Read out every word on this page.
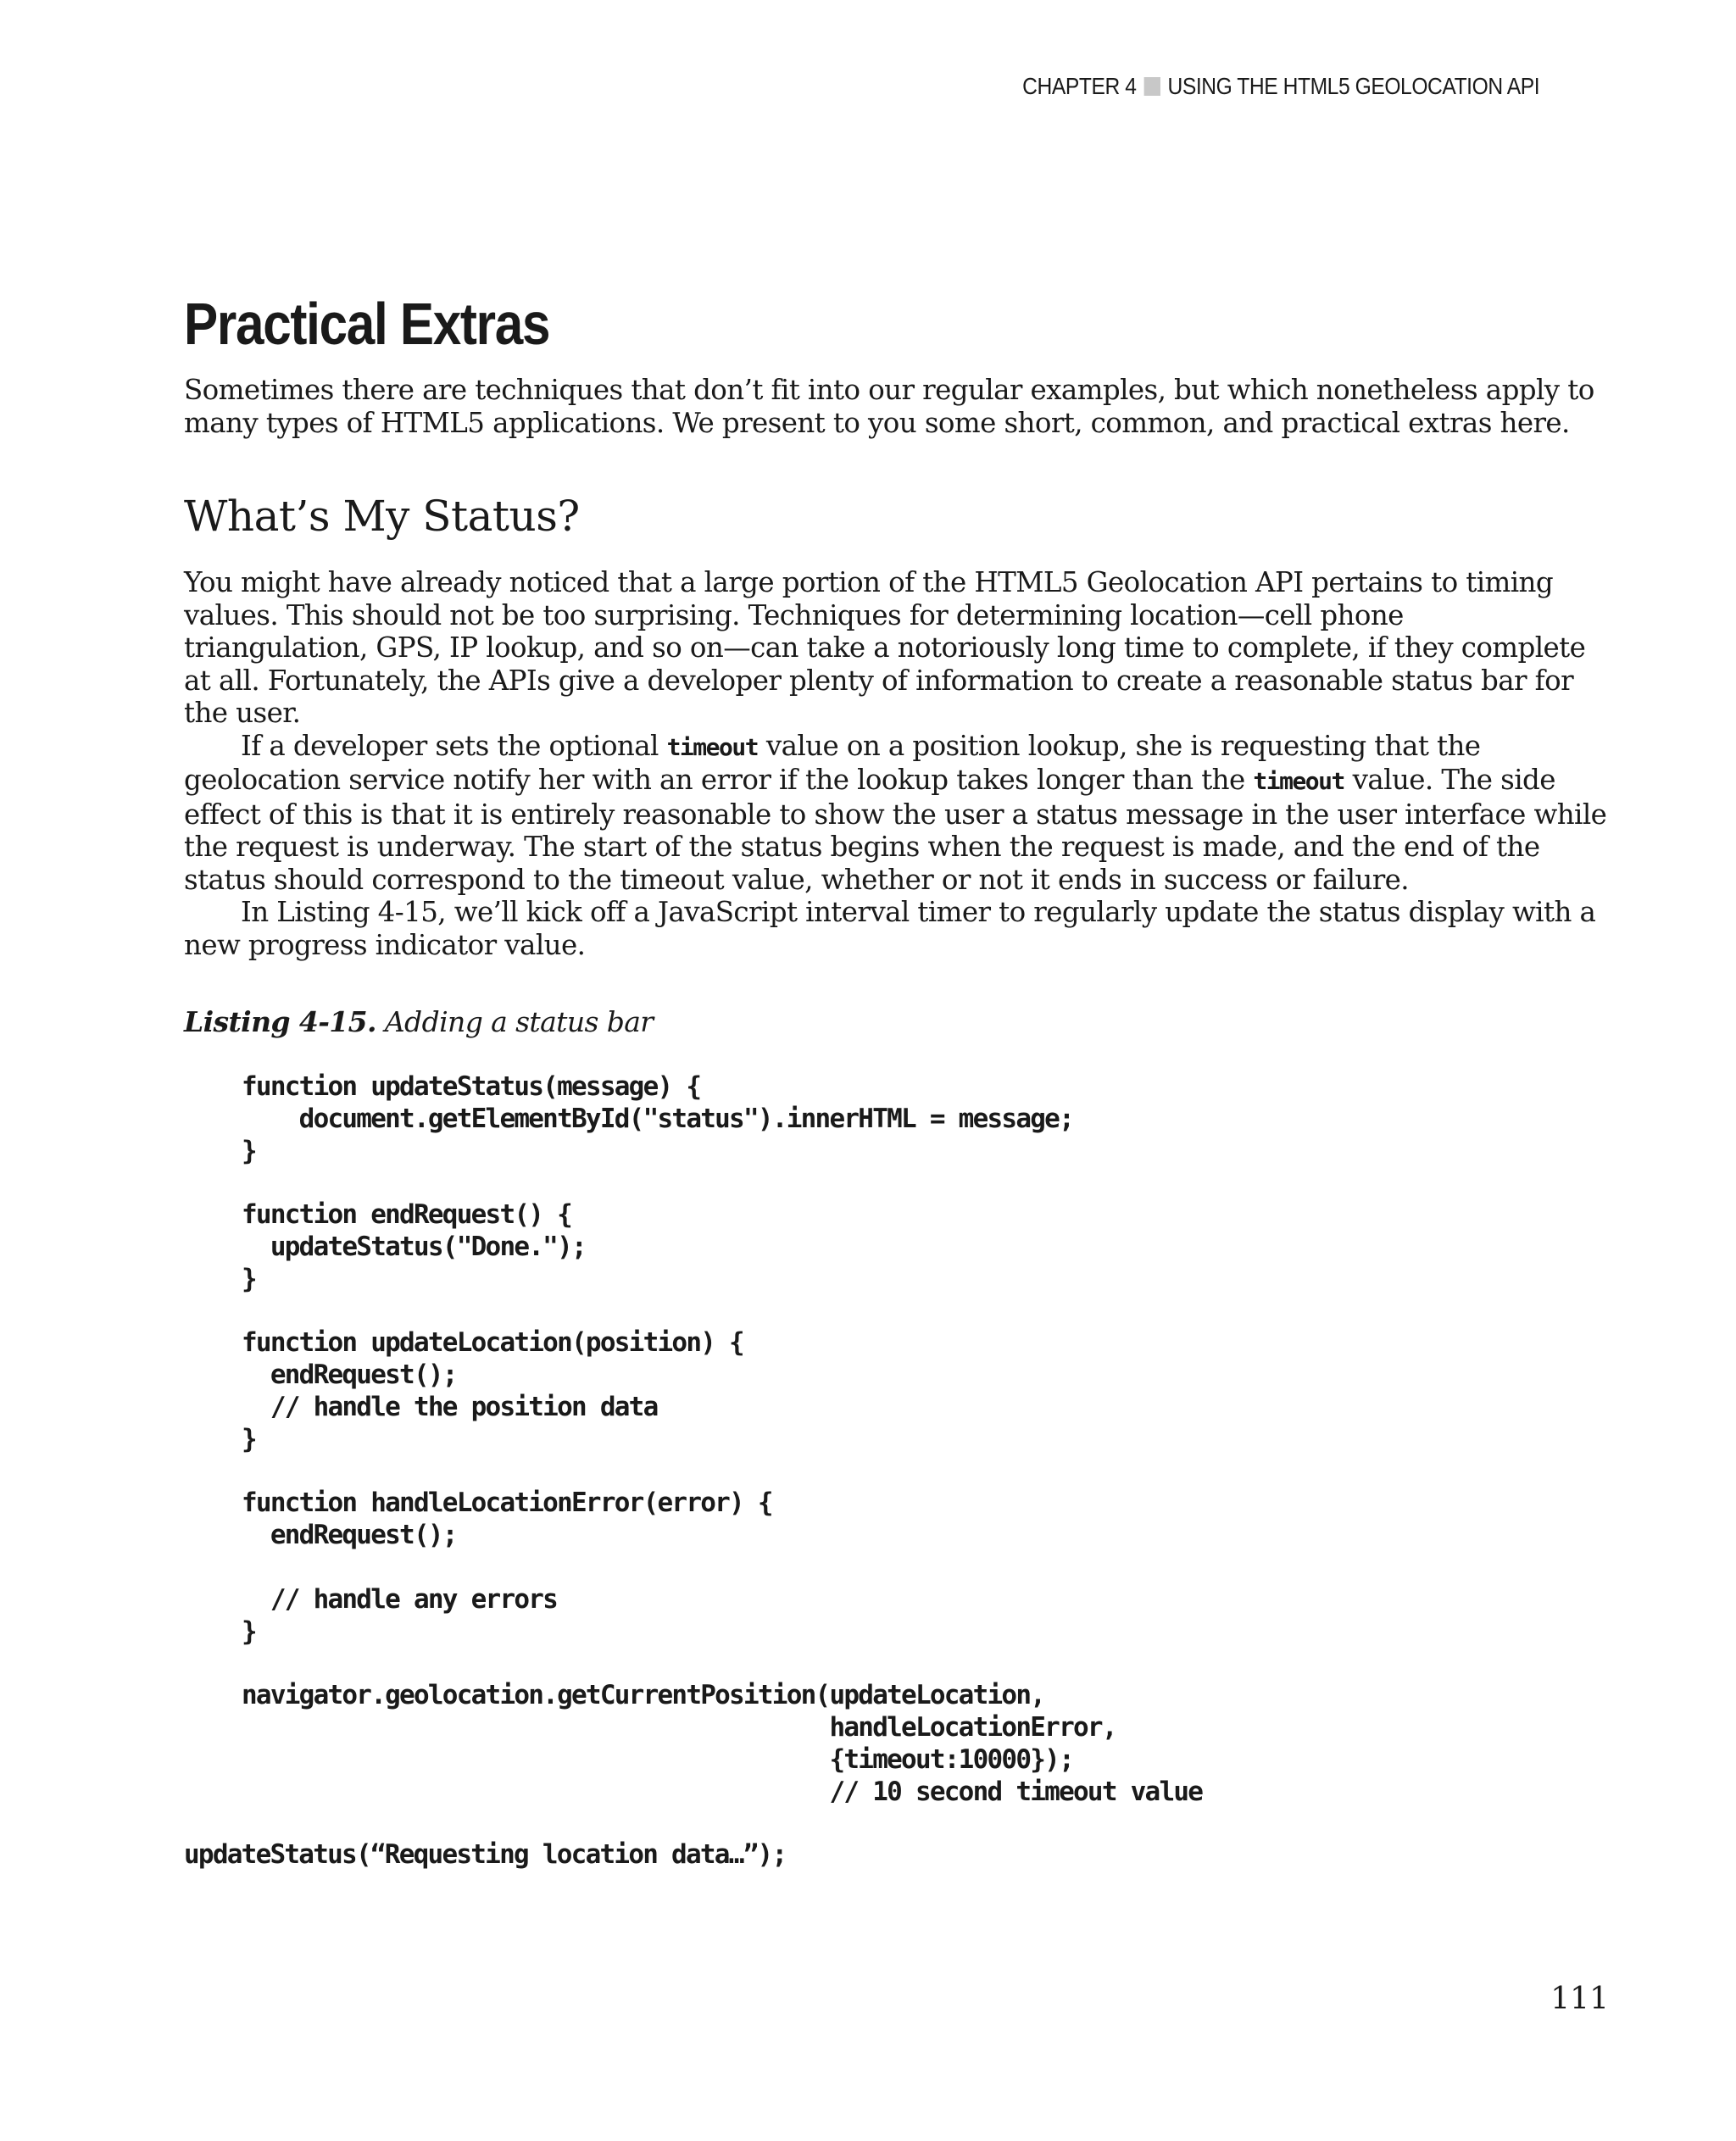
CHAPTER 4 USING THE HTML5 GEOLOCATION API
Practical Extras
Sometimes there are techniques that don’t fit into our regular examples, but which nonetheless apply to
many types of HTML5 applications. We present to you some short, common, and practical extras here.
What’s My Status?
You might have already noticed that a large portion of the HTML5 Geolocation API pertains to timing
values. This should not be too surprising. Techniques for determining location—cell phone
triangulation, GPS, IP lookup, and so on—can take a notoriously long time to complete, if they complete
at all. Fortunately, the APIs give a developer plenty of information to create a reasonable status bar for
the user.
If a developer sets the optional timeout value on a position lookup, she is requesting that the
geolocation service notify her with an error if the lookup takes longer than the timeout value. The side
effect of this is that it is entirely reasonable to show the user a status message in the user interface while
the request is underway. The start of the status begins when the request is made, and the end of the
status should correspond to the timeout value, whether or not it ends in success or failure.
In Listing 4-15, we’ll kick off a JavaScript interval timer to regularly update the status display with a
new progress indicator value.
Listing 4-15. Adding a status bar
function updateStatus(message) {
document.getElementById("status").innerHTML = message;
}

function endRequest() {
updateStatus("Done.");
}

function updateLocation(position) {
endRequest();
// handle the position data
}

function handleLocationError(error) {
endRequest();

// handle any errors
}

navigator.geolocation.getCurrentPosition(updateLocation,
handleLocationError,
{timeout:10000});
// 10 second timeout value
updateStatus(“Requesting location data…”);
111
